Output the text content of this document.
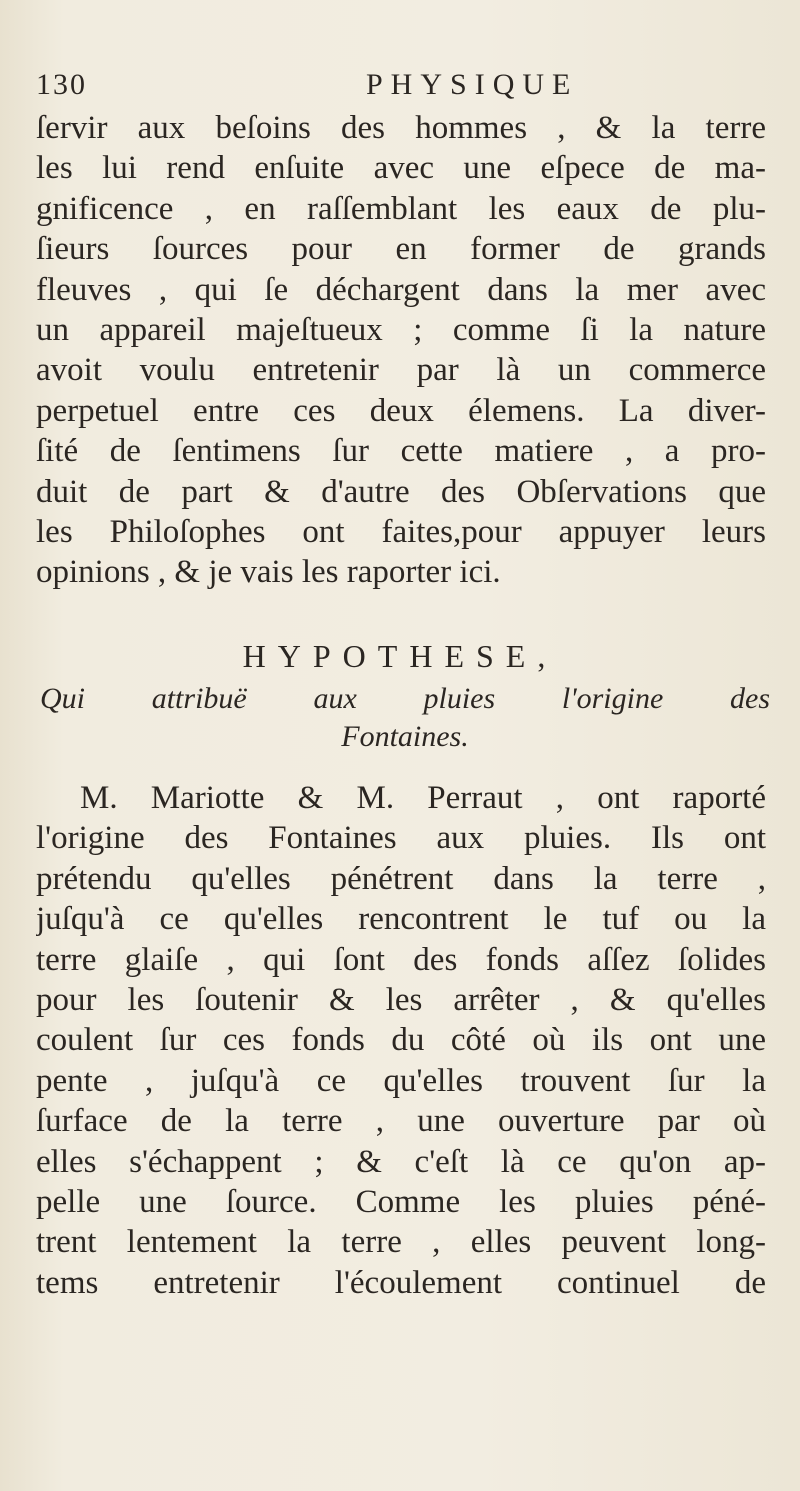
130	PHYSIQUE
ſervir aux beſoins des hommes , & la terre
les lui rend enſuite avec une eſpece de ma-
gnificence , en raſſemblant les eaux de plu-
ſieurs ſources pour en former de grands
fleuves , qui ſe déchargent dans la mer avec
un appareil majeſtueux ; comme ſi la nature
avoit voulu entretenir par là un commerce
perpetuel entre ces deux élemens. La diver-
ſité de ſentimens ſur cette matiere , a pro-
duit de part & d'autre des Obſervations que
les Philoſophes ont faites,pour appuyer leurs
opinions , & je vais les raporter ici.
HYPOTHESE,
Qui attribuë aux pluies l'origine des
Fontaines.
M. Mariotte & M. Perraut , ont raporté
l'origine des Fontaines aux pluies. Ils ont
prétendu qu'elles pénétrent dans la terre ,
juſqu'à ce qu'elles rencontrent le tuf ou la
terre glaiſe , qui ſont des fonds aſſez ſolides
pour les ſoutenir & les arrêter , & qu'elles
coulent ſur ces fonds du côté où ils ont une
pente , juſqu'à ce qu'elles trouvent ſur la
ſurface de la terre , une ouverture par où
elles s'échappent ; & c'eſt là ce qu'on ap-
pelle une ſource. Comme les pluies péné-
trent lentement la terre , elles peuvent long-
tems entretenir l'écoulement continuel de
